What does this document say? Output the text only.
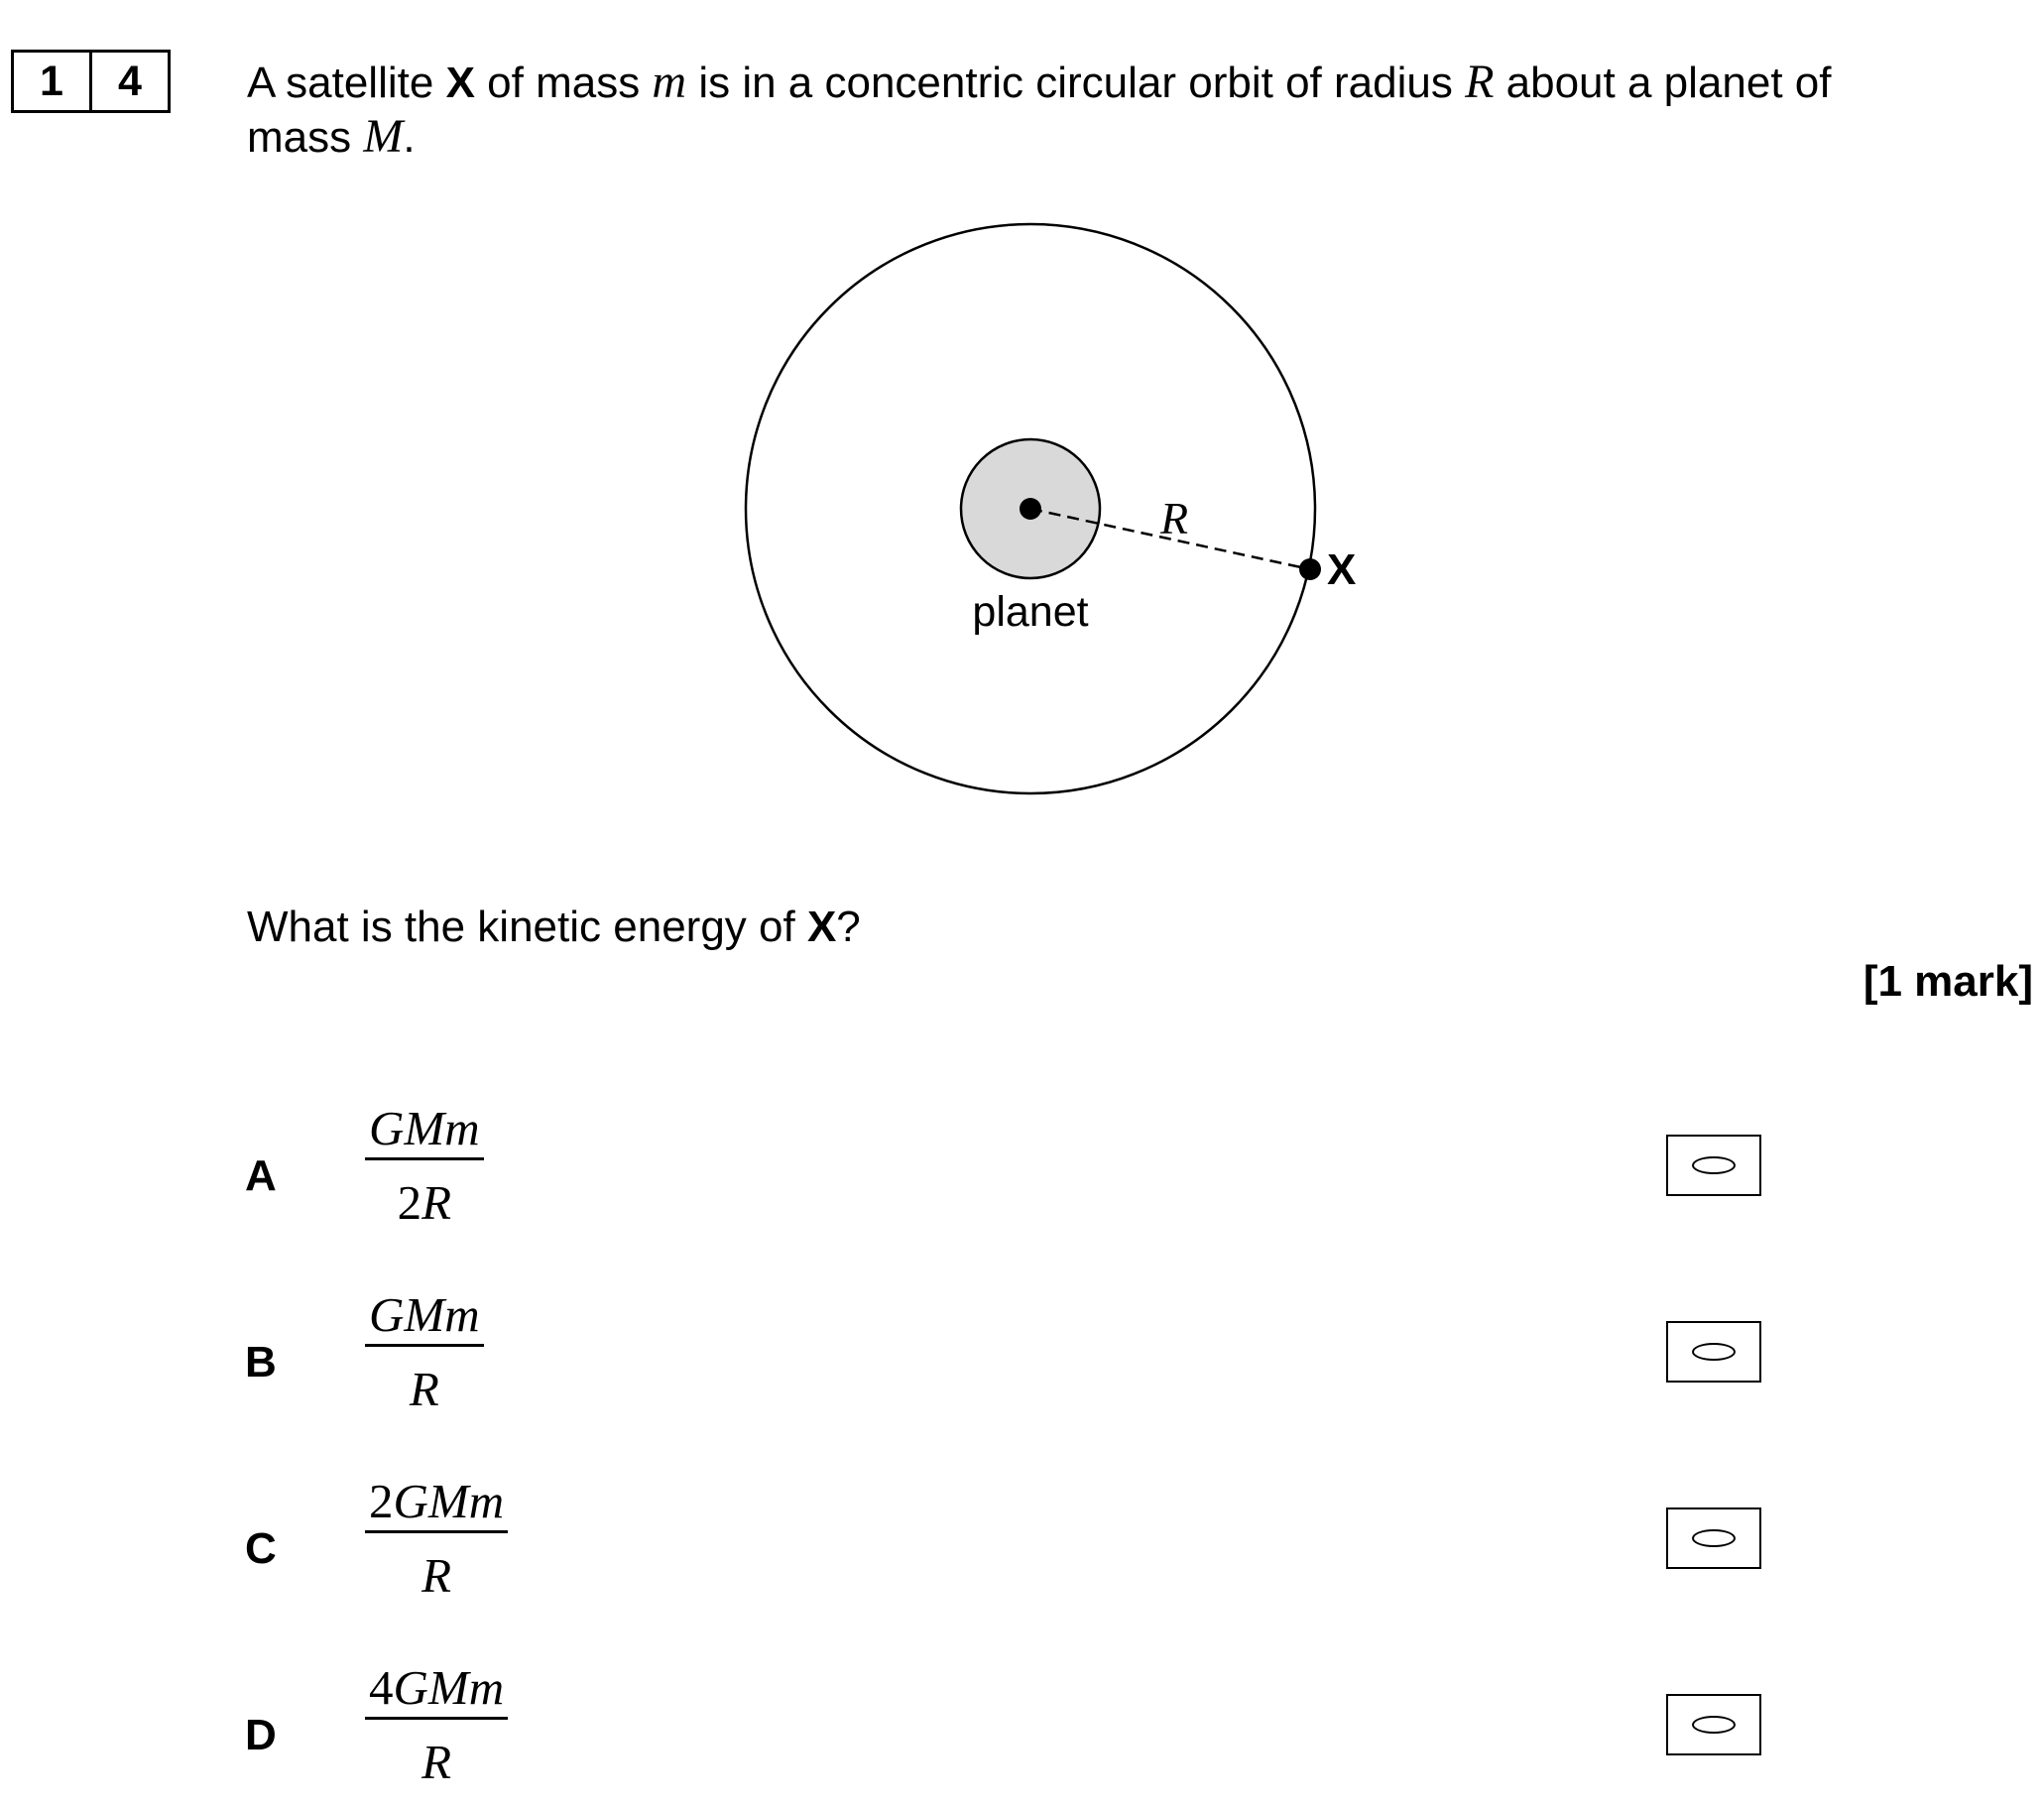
1	4	A satellite X of mass m is in a concentric circular orbit of radius R about a planet of
mass M.
R
X
planet
What is the kinetic energy of X?
[1 mark]
A
GMm
2R
B
GMm
R
C
2GMm
R
D
4GMm
R
